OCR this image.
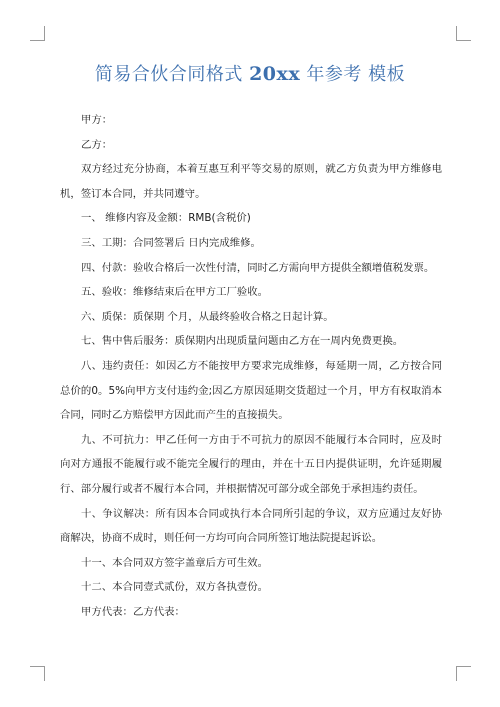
简易合伙合同格式 20xx 年参考 模板

甲方：

乙方：

双方经过充分协商，本着互惠互利平等交易的原则，就乙方负责为甲方维修电机，签订本合同，并共同遵守。

一、 维修内容及金额：RMB(含税价)

三、工期：合同签署后 日内完成维修。

四、付款：验收合格后一次性付清，同时乙方需向甲方提供全额增值税发票。

五、验收：维修结束后在甲方工厂验收。

六、质保：质保期 个月，从最终验收合格之日起计算。

七、售中售后服务：质保期内出现质量问题由乙方在一周内免费更换。

八、违约责任：如因乙方不能按甲方要求完成维修，每延期一周，乙方按合同总价的0。5%向甲方支付违约金;因乙方原因延期交货超过一个月，甲方有权取消本合同，同时乙方赔偿甲方因此而产生的直接损失。

九、不可抗力：甲乙任何一方由于不可抗力的原因不能履行本合同时，应及时向对方通报不能履行或不能完全履行的理由，并在十五日内提供证明，允许延期履行、部分履行或者不履行本合同，并根据情况可部分或全部免于承担违约责任。

十、争议解决：所有因本合同或执行本合同所引起的争议，双方应通过友好协商解决，协商不成时，则任何一方均可向合同所签订地法院提起诉讼。

十一、本合同双方签字盖章后方可生效。

十二、本合同壹式贰份，双方各执壹份。

甲方代表：乙方代表：
